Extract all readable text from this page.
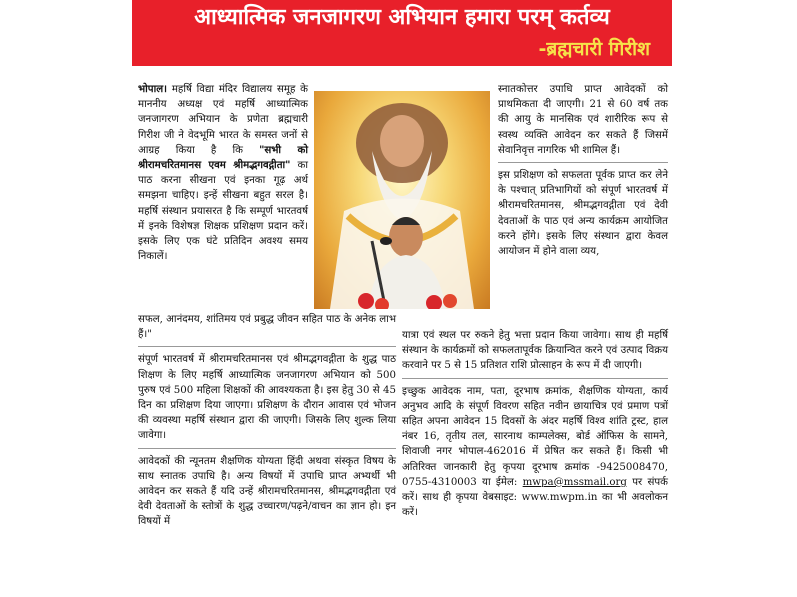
आध्यात्मिक जनजागरण अभियान हमारा परम् कर्तव्य
-ब्रह्मचारी गिरीश

भोपाल। महर्षि विद्या मंदिर विद्यालय समूह के माननीय अध्यक्ष एवं महर्षि आध्यात्मिक जनजागरण अभियान के प्रणेता ब्रह्मचारी गिरीश जी ने वेदभूमि भारत के समस्त जनों से आग्रह किया है कि "सभी को श्रीरामचरितमानस एवम श्रीमद्भगवद्गीता" का पाठ करना सीखना एवं इनका गूढ़ अर्थ समझना चाहिए। इन्हें सीखना बहुत सरल है। महर्षि संस्थान प्रयासरत है कि सम्पूर्ण भारतवर्ष में इनके विशेषज्ञ शिक्षक प्रशिक्षण प्रदान करें। इसके लिए एक घंटे प्रतिदिन अवश्य समय निकालें।

सफल, आनंदमय, शांतिमय एवं प्रबुद्ध जीवन सहित पाठ के अनेक लाभ हैं।"

संपूर्ण भारतवर्ष में श्रीरामचरितमानस एवं श्रीमद्भगवद्गीता के शुद्ध पाठ शिक्षण के लिए महर्षि आध्यात्मिक जनजागरण अभियान को 500 पुरुष एवं 500 महिला शिक्षकों की आवश्यकता है। इस हेतु 30 से 45 दिन का प्रशिक्षण दिया जाएगा। प्रशिक्षण के दौरान आवास एवं भोजन की व्यवस्था महर्षि संस्थान द्वारा की जाएगी। जिसके लिए शुल्क लिया जावेगा।

आवेदकों की न्यूनतम शैक्षणिक योग्यता हिंदी अथवा संस्कृत विषय के साथ स्नातक उपाधि है। अन्य विषयों में उपाधि प्राप्त अभ्यर्थी भी आवेदन कर सकते हैं यदि उन्हें श्रीरामचरितमानस, श्रीमद्भगवद्गीता एवं देवी देवताओं के स्तोत्रों के शुद्ध उच्चारण/पढ़ने/वाचन का ज्ञान हो। इन विषयों में

स्नातकोत्तर उपाधि प्राप्त आवेदकों को प्राथमिकता दी जाएगी। 21 से 60 वर्ष तक की आयु के मानसिक एवं शारीरिक रूप से स्वस्थ व्यक्ति आवेदन कर सकते हैं जिसमें सेवानिवृत्त नागरिक भी शामिल हैं।

इस प्रशिक्षण को सफलता पूर्वक प्राप्त कर लेने के पश्चात् प्रतिभागियों को संपूर्ण भारतवर्ष में श्रीरामचरितमानस, श्रीमद्भगवद्गीता एवं देवी देवताओं के पाठ एवं अन्य कार्यक्रम आयोजित करने होंगे। इसके लिए संस्थान द्वारा केवल आयोजन में होने वाला व्यय,

यात्रा एवं स्थल पर रुकने हेतु भत्ता प्रदान किया जावेगा। साथ ही महर्षि संस्थान के कार्यक्रमों को सफलतापूर्वक क्रियान्वित करने एवं उत्पाद विक्रय करवाने पर 5 से 15 प्रतिशत राशि प्रोत्साहन के रूप में दी जाएगी।

इच्छुक आवेदक नाम, पता, दूरभाष क्रमांक, शैक्षणिक योग्यता, कार्य अनुभव आदि के संपूर्ण विवरण सहित नवीन छायाचित्र एवं प्रमाण पत्रों सहित अपना आवेदन 15 दिवसों के अंदर महर्षि विश्व शांति ट्रस्ट, हाल नंबर 16, तृतीय तल, सारनाथ काम्पलेक्स, बोर्ड ऑफिस के सामने, शिवाजी नगर भोपाल-462016 में प्रेषित कर सकते हैं। किसी भी अतिरिक्त जानकारी हेतु कृपया दूरभाष क्रमांक -9425008470, 0755-4310003 या ईमेल: mwpa@mssmail.org पर संपर्क करें। साथ ही कृपया वेबसाइट: www.mwpm.in का भी अवलोकन करें।
